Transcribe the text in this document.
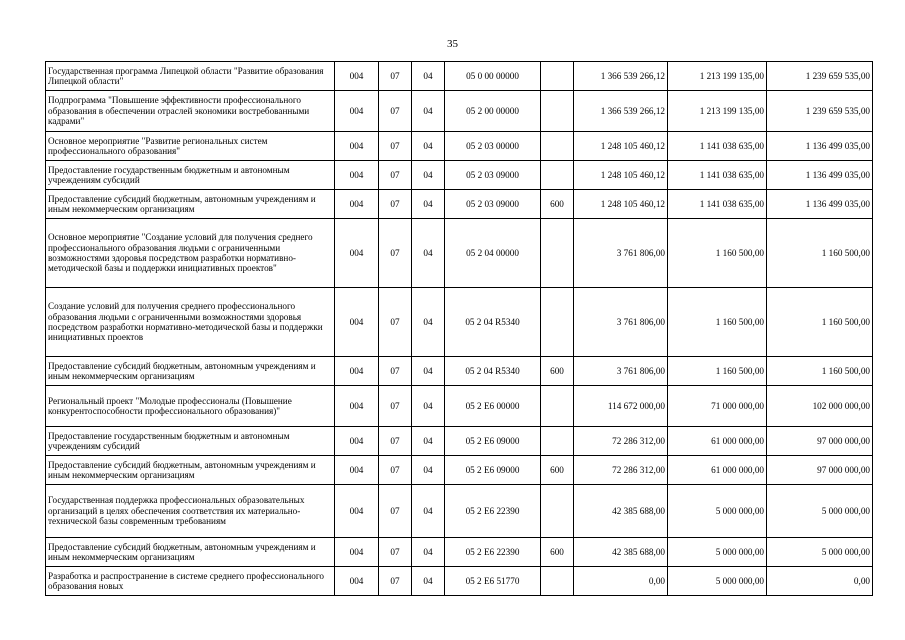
35
Государственная программа Липецкой области "Развитие образования Липецкой области"	004	07	04	05 0 00 00000		1 366 539 266,12	1 213 199 135,00	1 239 659 535,00
Подпрограмма "Повышение эффективности профессионального образования в обеспечении отраслей экономики востребованными кадрами"	004	07	04	05 2 00 00000		1 366 539 266,12	1 213 199 135,00	1 239 659 535,00
Основное мероприятие "Развитие региональных систем профессионального образования"	004	07	04	05 2 03 00000		1 248 105 460,12	1 141 038 635,00	1 136 499 035,00
Предоставление государственным бюджетным и автономным учреждениям субсидий	004	07	04	05 2 03 09000		1 248 105 460,12	1 141 038 635,00	1 136 499 035,00
Предоставление субсидий бюджетным, автономным учреждениям и иным некоммерческим организациям	004	07	04	05 2 03 09000	600	1 248 105 460,12	1 141 038 635,00	1 136 499 035,00
Основное мероприятие "Создание условий для получения среднего профессионального образования людьми с ограниченными возможностями здоровья посредством разработки нормативно-методической базы и поддержки инициативных проектов"	004	07	04	05 2 04 00000		3 761 806,00	1 160 500,00	1 160 500,00
Создание условий для получения среднего профессионального образования людьми с ограниченными возможностями здоровья посредством разработки нормативно-методической базы и поддержки инициативных проектов	004	07	04	05 2 04 R5340		3 761 806,00	1 160 500,00	1 160 500,00
Предоставление субсидий бюджетным, автономным учреждениям и иным некоммерческим организациям	004	07	04	05 2 04 R5340	600	3 761 806,00	1 160 500,00	1 160 500,00
Региональный проект "Молодые профессионалы (Повышение конкурентоспособности профессионального образования)"	004	07	04	05 2 E6 00000		114 672 000,00	71 000 000,00	102 000 000,00
Предоставление государственным бюджетным и автономным учреждениям субсидий	004	07	04	05 2 E6 09000		72 286 312,00	61 000 000,00	97 000 000,00
Предоставление субсидий бюджетным, автономным учреждениям и иным некоммерческим организациям	004	07	04	05 2 E6 09000	600	72 286 312,00	61 000 000,00	97 000 000,00
Государственная поддержка профессиональных образовательных организаций в целях обеспечения соответствия их материально-технической базы современным требованиям	004	07	04	05 2 E6 22390		42 385 688,00	5 000 000,00	5 000 000,00
Предоставление субсидий бюджетным, автономным учреждениям и иным некоммерческим организациям	004	07	04	05 2 E6 22390	600	42 385 688,00	5 000 000,00	5 000 000,00
Разработка и распространение в системе среднего профессионального образования новых	004	07	04	05 2 E6 51770		0,00	5 000 000,00	0,00
